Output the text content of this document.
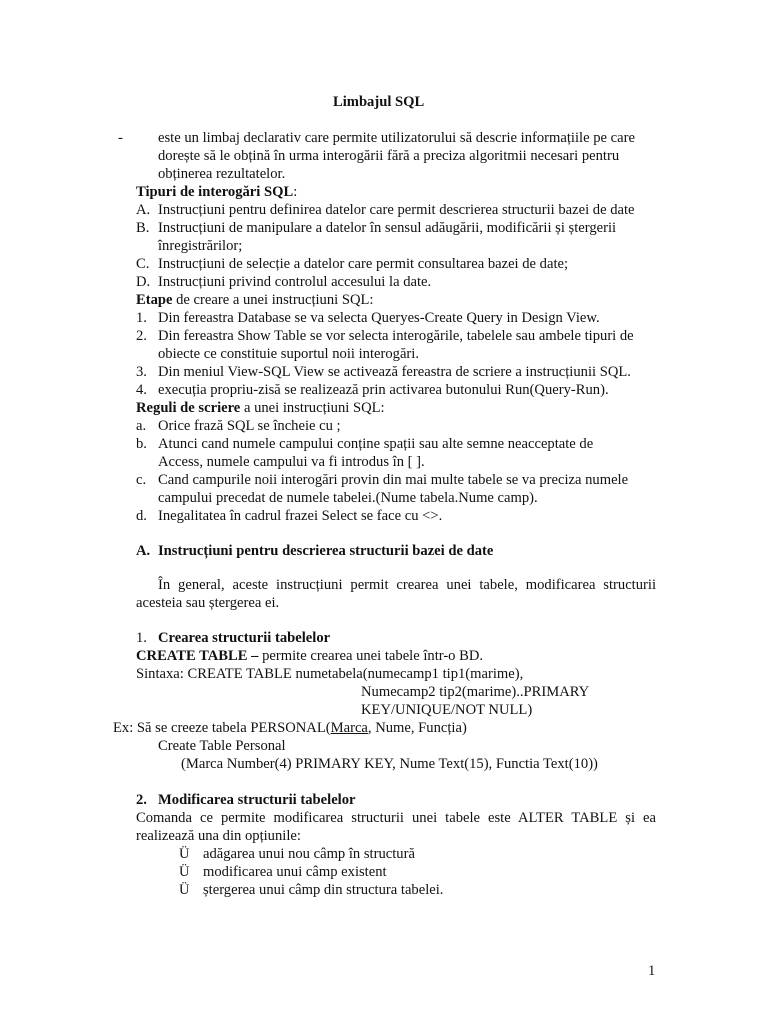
Limbajul SQL
- este un limbaj declarativ care permite utilizatorului să descrie informațiile pe care
dorește să le obțină în urma interogării fără a preciza algoritmii necesari pentru
obținerea rezultatelor.
Tipuri de interogări SQL:
A. Instrucțiuni pentru definirea datelor care permit descrierea structurii bazei de date
B. Instrucțiuni de manipulare a datelor în sensul adăugării, modificării și ștergerii
înregistrărilor;
C. Instrucțiuni de selecție a datelor care permit consultarea bazei de date;
D. Instrucțiuni privind controlul accesului la date.
Etape de creare a unei instrucțiuni SQL:
1. Din fereastra Database se va selecta Queryes-Create Query in Design View.
2. Din fereastra Show Table se vor selecta interogările, tabelele sau ambele tipuri de
obiecte ce constituie suportul noii interogări.
3. Din meniul View-SQL View se activează fereastra de scriere a instrucțiunii SQL.
4. execuția propriu-zisă se realizează prin activarea butonului Run(Query-Run).
Reguli de scriere a unei instrucțiuni SQL:
a. Orice frază SQL se încheie cu ;
b. Atunci cand numele campului conține spații sau alte semne neacceptate de
Access, numele campului va fi introdus în [ ].
c. Cand campurile noii interogări provin din mai multe tabele se va preciza numele
campului precedat de numele tabelei.(Nume tabela.Nume camp).
d. Inegalitatea în cadrul frazei Select se face cu <>.
A. Instrucțiuni pentru descrierea structurii bazei de date
În general, aceste instrucțiuni permit crearea unei tabele, modificarea structurii
acesteia sau ștergerea ei.
1. Crearea structurii tabelelor
CREATE TABLE – permite crearea unei tabele într-o BD.
Sintaxa: CREATE TABLE numetabela(numecamp1 tip1(marime),
Numecamp2 tip2(marime)..PRIMARY
KEY/UNIQUE/NOT NULL)
Ex: Să se creeze tabela PERSONAL(Marca, Nume, Funcția)
Create Table Personal
(Marca Number(4) PRIMARY KEY, Nume Text(15), Functia Text(10))
2. Modificarea structurii tabelelor
Comanda ce permite modificarea structurii unei tabele este ALTER TABLE și ea
realizează una din opțiunile:
Ü adăgarea unui nou câmp în structură
Ü modificarea unui câmp existent
Ü ștergerea unui câmp din structura tabelei.
1
